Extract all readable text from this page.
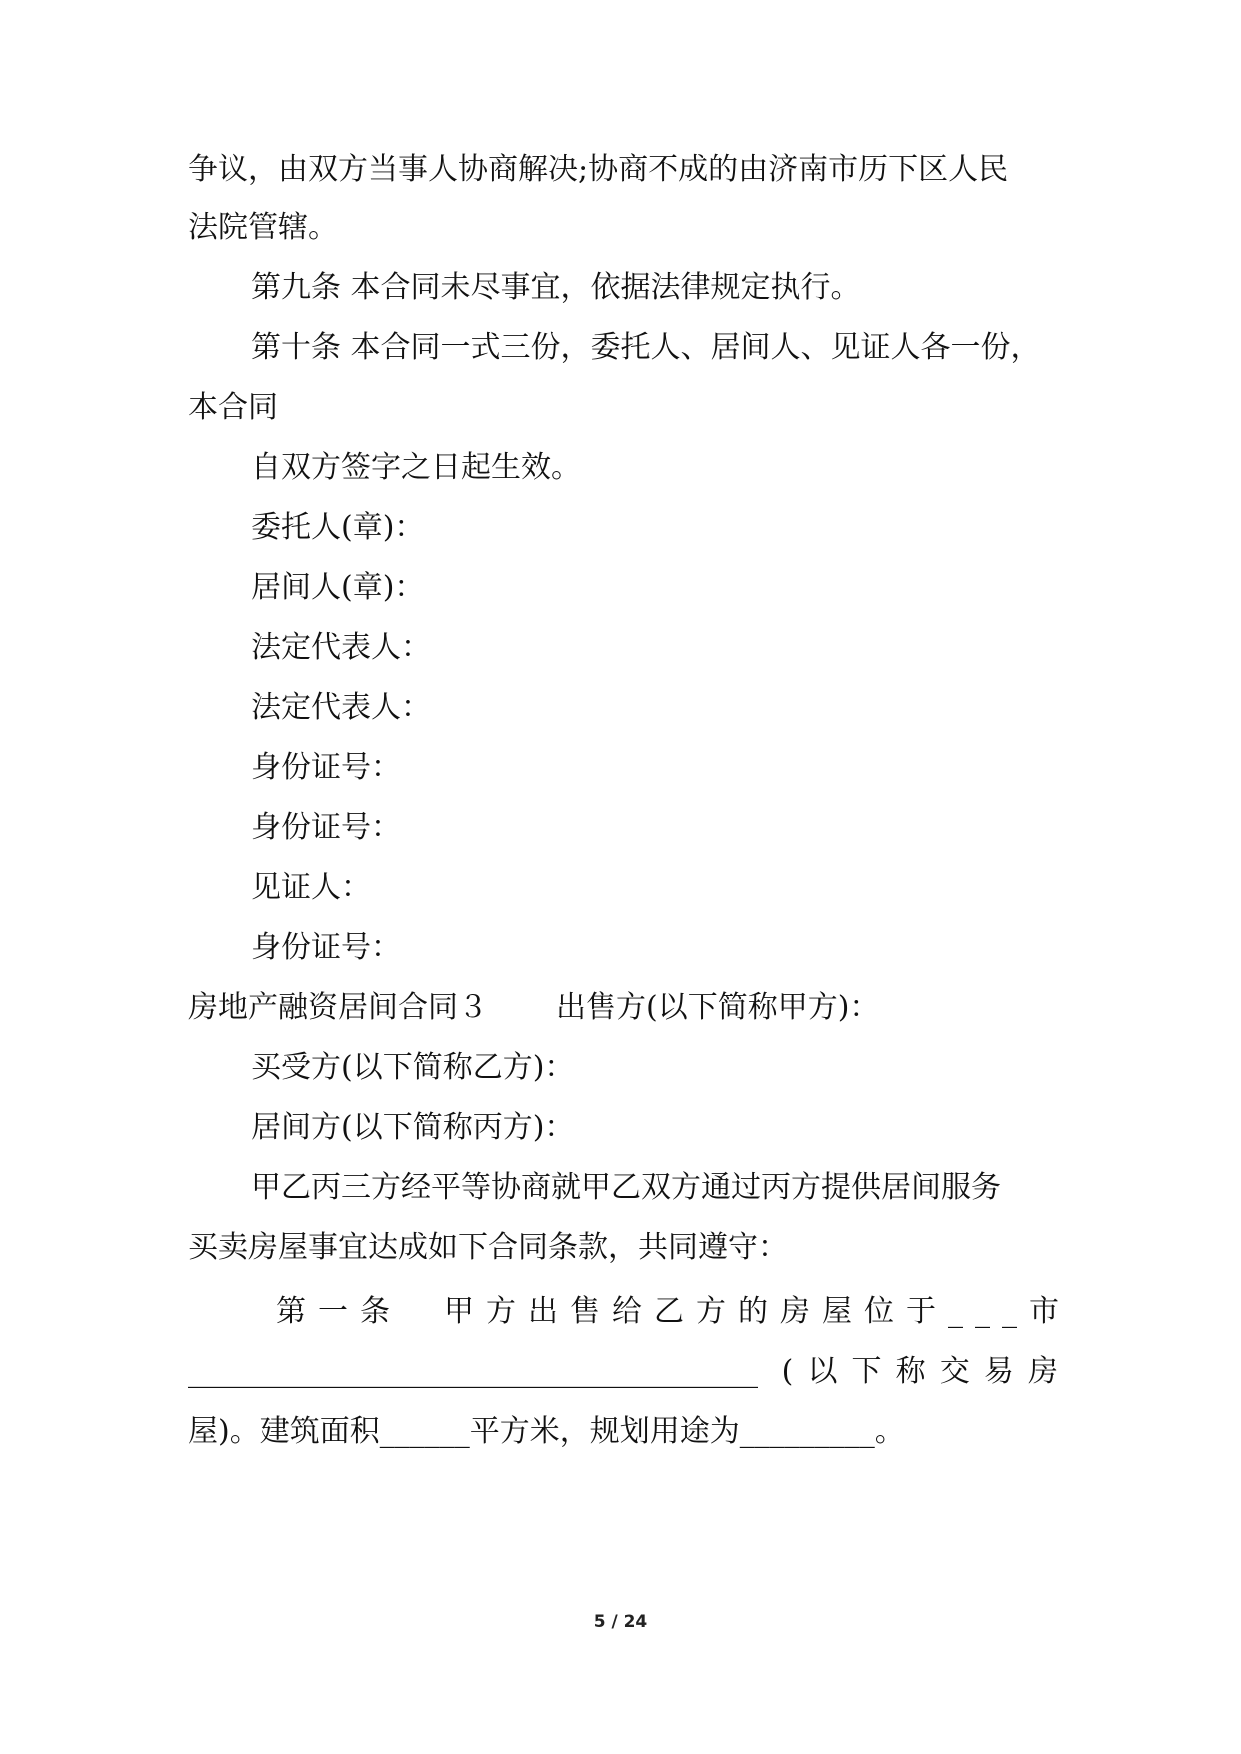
争议，由双方当事人协商解决;协商不成的由济南市历下区人民
法院管辖。
第九条 本合同未尽事宜，依据法律规定执行。
第十条 本合同一式三份，委托人、居间人、见证人各一份，
本合同
自双方签字之日起生效。
委托人(章)：
居间人(章)：
法定代表人：
法定代表人：
身份证号：
身份证号：
见证人：
身份证号：
房地产融资居间合同３ 出售方(以下简称甲方)：
买受方(以下简称乙方)：
居间方(以下简称丙方)：
甲乙丙三方经平等协商就甲乙双方通过丙方提供居间服务
买卖房屋事宜达成如下合同条款，共同遵守：
第一条　甲方出售给乙方的房屋位于___市
______________________________________ (以下称交易房
屋)。建筑面积______平方米，规划用途为_________。
5 / 24
